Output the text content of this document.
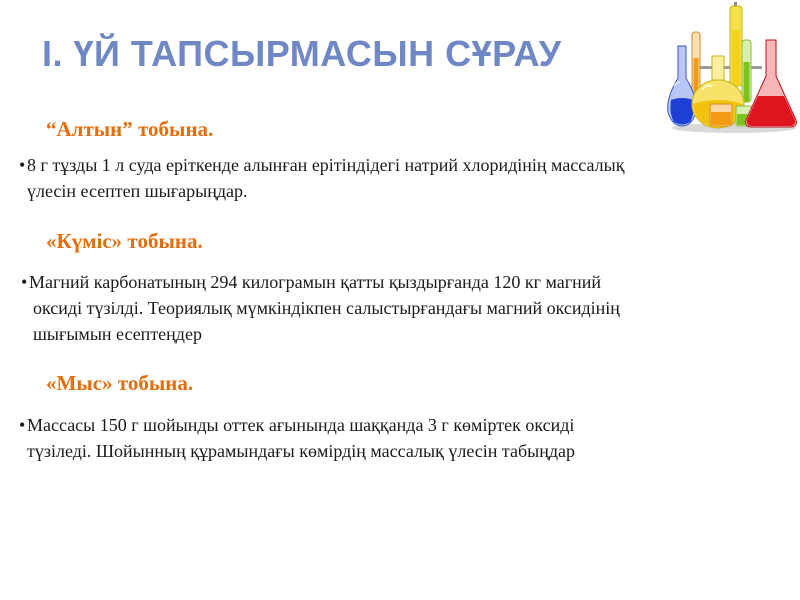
І. ҮЙ ТАПСЫРМАСЫН СҰРАУ
“Алтын” тобына.
• 8 г тұзды 1 л суда ерiткенде алынған ерiтiндiдегi натрий хлоридiнiң массалық
үлесiн есептеп шығарыңдар.
«Күміс» тобына.
• Магний карбонатының 294 килограмын қатты қыздырғанда 120 кг магний
оксиді түзілді. Теориялық мүмкіндікпен салыстырғандағы магний оксидінің
шығымын есептеңдер
«Мыс» тобына.
• Массасы 150 г шойынды оттек ағынында шаққанда 3 г көміртек оксиді
түзіледі. Шойынның құрамындағы көмірдің массалық үлесін табыңдар
